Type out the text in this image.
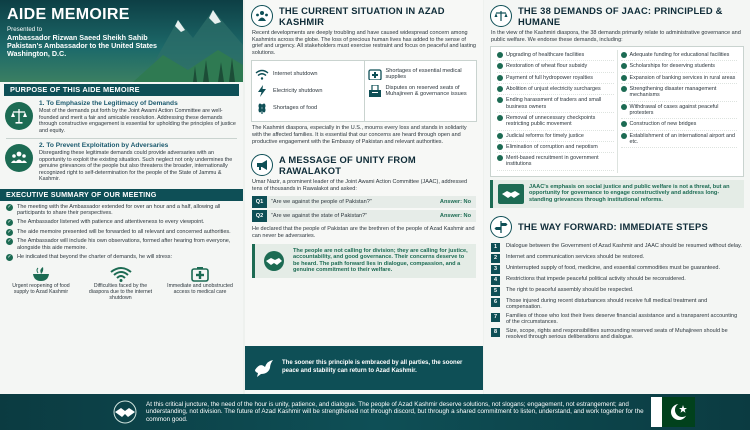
AIDE MEMOIRE
Presented to
Ambassador Rizwan Saeed Sheikh Sahib
Pakistan's Ambassador to the United States
Washington, D.C.
PURPOSE OF THIS AIDE MEMOIRE
1. To Emphasize the Legitimacy of Demands

Most of the demands put forth by the Joint Awami Action Committee are well-founded and merit a fair and amicable resolution. Addressing these demands through constructive engagement is essential for upholding the principles of justice and equity.

2. To Prevent Exploitation by Adversaries

Disregarding these legitimate demands could provide adversaries with an opportunity to exploit the existing situation. Such neglect not only undermines the genuine grievances of the people but also threatens the broader, internationally recognized right to self-determination for the people of the State of Jammu & Kashmir.

EXECUTIVE SUMMARY OF OUR MEETING
✓ The meeting with the Ambassador extended for over an hour and a half, allowing all participants to share their perspectives.
✓ The Ambassador listened with patience and attentiveness to every viewpoint.
✓ The aide memoire presented will be forwarded to all relevant and concerned authorities.
✓ The Ambassador will include his own observations, formed after hearing from everyone, alongside this aide memoire.
✓ He indicated that beyond the charter of demands, he will stress:

Urgent reopening of food supply to Azad Kashmir

Difficulties faced by the diaspora due to the internet shutdown

Immediate and unobstructed access to medical care

THE CURRENT SITUATION IN AZAD KASHMIR

Recent developments are deeply troubling and have caused widespread concern among Kashmiris across the globe. The loss of precious human lives has added to the sense of grief and urgency. All stakeholders must exercise restraint and focus on peaceful and lasting solutions.

Internet shutdown
Electricity shutdown
Shortages of food
Shortages of essential medical supplies
Disputes on reserved seats of Muhajireen & governance issues

The Kashmiri diaspora, especially in the U.S., mourns every loss and stands in solidarity with the affected families. It is essential that our concerns are heard through open and productive engagement with the Embassy of Pakistan and relevant authorities.

A MESSAGE OF UNITY FROM RAWALAKOT

Umar Nazir, a prominent leader of the Joint Awami Action Committee (JAAC), addressed tens of thousands in Rawalakot and asked:

Q1	“Are we against the people of Pakistan?”	Answer: No
Q2	“Are we against the state of Pakistan?”	Answer: No

He declared that the people of Pakistan are the brethren of the people of Azad Kashmir and can never be adversaries.

The people are not calling for division; they are calling for justice, accountability, and good governance. Their concerns deserve to be heard. The path forward lies in dialogue, compassion, and a genuine commitment to their welfare.

The sooner this principle is embraced by all parties, the sooner peace and stability can return to Azad Kashmir.

THE 38 DEMANDS OF JAAC: PRINCIPLED & HUMANE

In the view of the Kashmiri diaspora, the 38 demands primarily relate to administrative governance and public welfare. We endorse these demands, including:

Upgrading of healthcare facilities
Restoration of wheat flour subsidy
Payment of full hydropower royalties
Abolition of unjust electricity surcharges
Ending harassment of traders and small business owners
Removal of unnecessary checkpoints restricting public movement
Judicial reforms for timely justice
Elimination of corruption and nepotism
Merit-based recruitment in government institutions
Adequate funding for educational facilities
Scholarships for deserving students
Expansion of banking services in rural areas
Strengthening disaster management mechanisms
Withdrawal of cases against peaceful protesters
Construction of new bridges
Establishment of an international airport and etc.

JAAC's emphasis on social justice and public welfare is not a threat, but an opportunity for governance to engage constructively and address long-standing grievances through institutional reforms.

THE WAY FORWARD: IMMEDIATE STEPS
1	Dialogue between the Government of Azad Kashmir and JAAC should be resumed without delay.
2	Internet and communication services should be restored.
3	Uninterrupted supply of food, medicine, and essential commodities must be guaranteed.
4	Restrictions that impede peaceful political activity should be reconsidered.
5	The right to peaceful assembly should be respected.
6	Those injured during recent disturbances should receive full medical treatment and compensation.
7	Families of those who lost their lives deserve financial assistance and a transparent accounting of the circumstances.
8	Size, scope, rights and responsibilities surrounding reserved seats of Muhajireen should be resolved through serious deliberations and dialogue.

At this critical juncture, the need of the hour is unity, patience, and dialogue. The people of Azad Kashmir deserve solutions, not slogans; engagement, not estrangement; and understanding, not division. The future of Azad Kashmir will be strengthened not through discord, but through a shared commitment to listen, understand, and work together for the common good.
